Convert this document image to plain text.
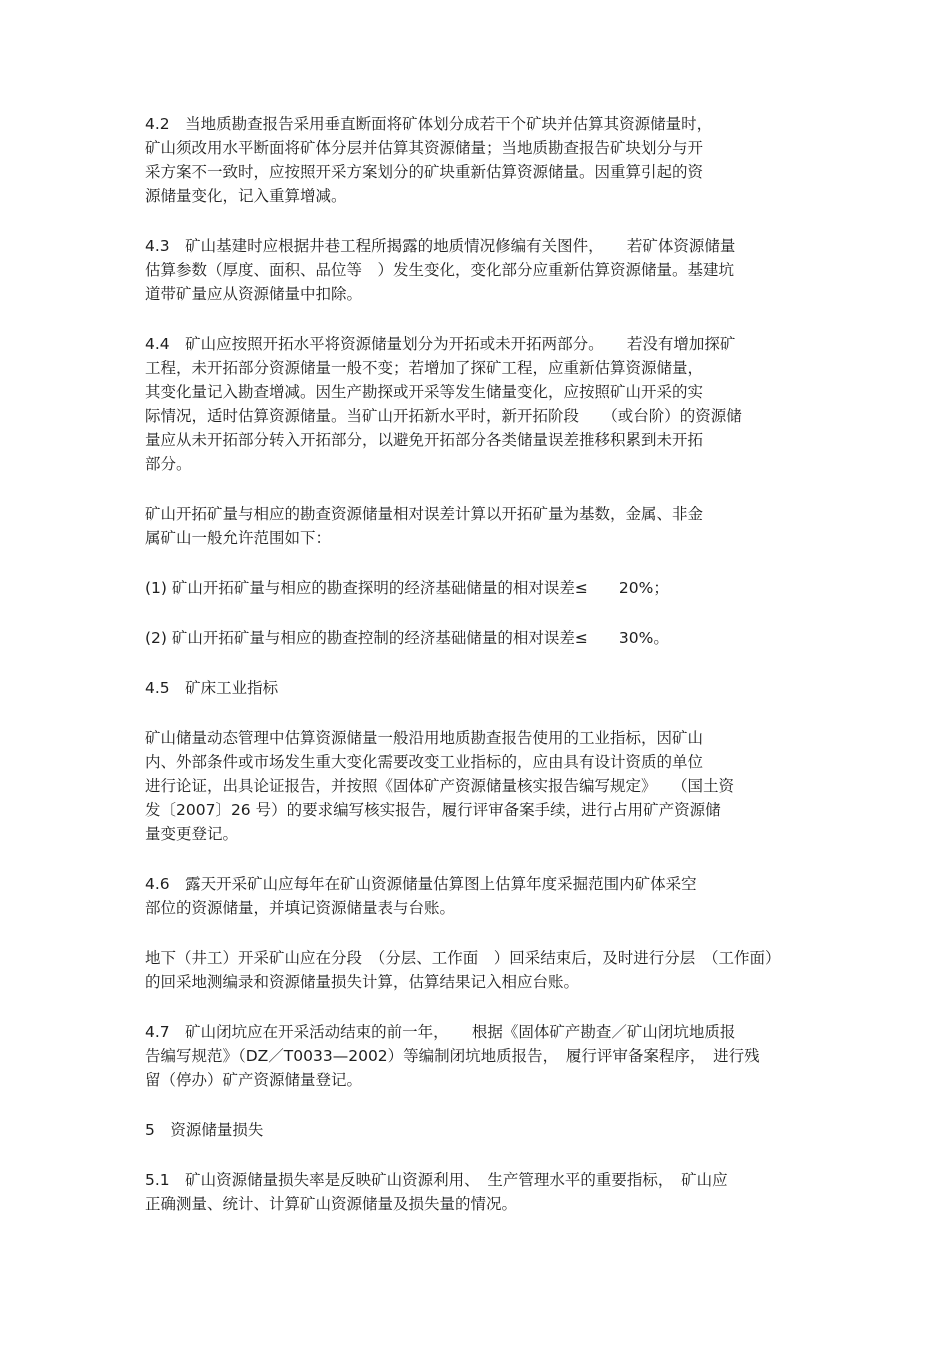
4.2　当地质勘查报告采用垂直断面将矿体划分成若干个矿块并估算其资源储量时，
矿山须改用水平断面将矿体分层并估算其资源储量；当地质勘查报告矿块划分与开
采方案不一致时，应按照开采方案划分的矿块重新估算资源储量。因重算引起的资
源储量变化，记入重算增减。
4.3　矿山基建时应根据井巷工程所揭露的地质情况修编有关图件，　　若矿体资源储量
估算参数（厚度、面积、品位等　）发生变化，变化部分应重新估算资源储量。基建坑
道带矿量应从资源储量中扣除。
4.4　矿山应按照开拓水平将资源储量划分为开拓或未开拓两部分。　　若没有增加探矿
工程，未开拓部分资源储量一般不变；若增加了探矿工程，应重新估算资源储量，
其变化量记入勘查增减。因生产勘探或开采等发生储量变化，应按照矿山开采的实
际情况，适时估算资源储量。当矿山开拓新水平时，新开拓阶段　　（或台阶）的资源储
量应从未开拓部分转入开拓部分，以避免开拓部分各类储量误差推移积累到未开拓
部分。
矿山开拓矿量与相应的勘查资源储量相对误差计算以开拓矿量为基数，金属、非金
属矿山一般允许范围如下：
(1) 矿山开拓矿量与相应的勘查探明的经济基础储量的相对误差≤　　20%；
(2) 矿山开拓矿量与相应的勘查控制的经济基础储量的相对误差≤　　30%。
4.5　矿床工业指标
矿山储量动态管理中估算资源储量一般沿用地质勘查报告使用的工业指标，因矿山
内、外部条件或市场发生重大变化需要改变工业指标的，应由具有设计资质的单位
进行论证，出具论证报告，并按照《固体矿产资源储量核实报告编写规定》　　（国土资
发〔2007〕26 号）的要求编写核实报告，履行评审备案手续，进行占用矿产资源储
量变更登记。
4.6　露天开采矿山应每年在矿山资源储量估算图上估算年度采掘范围内矿体采空
部位的资源储量，并填记资源储量表与台账。
地下（井工）开采矿山应在分段　（分层、工作面　）回采结束后，及时进行分层　（工作面）
的回采地测编录和资源储量损失计算，估算结果记入相应台账。
4.7　矿山闭坑应在开采活动结束的前一年，　　根据《固体矿产勘查／矿山闭坑地质报
告编写规范》（DZ／T0033—2002）等编制闭坑地质报告，　履行评审备案程序，　进行残
留（停办）矿产资源储量登记。
5　资源储量损失
5.1　矿山资源储量损失率是反映矿山资源利用、　生产管理水平的重要指标，　矿山应
正确测量、统计、计算矿山资源储量及损失量的情况。
